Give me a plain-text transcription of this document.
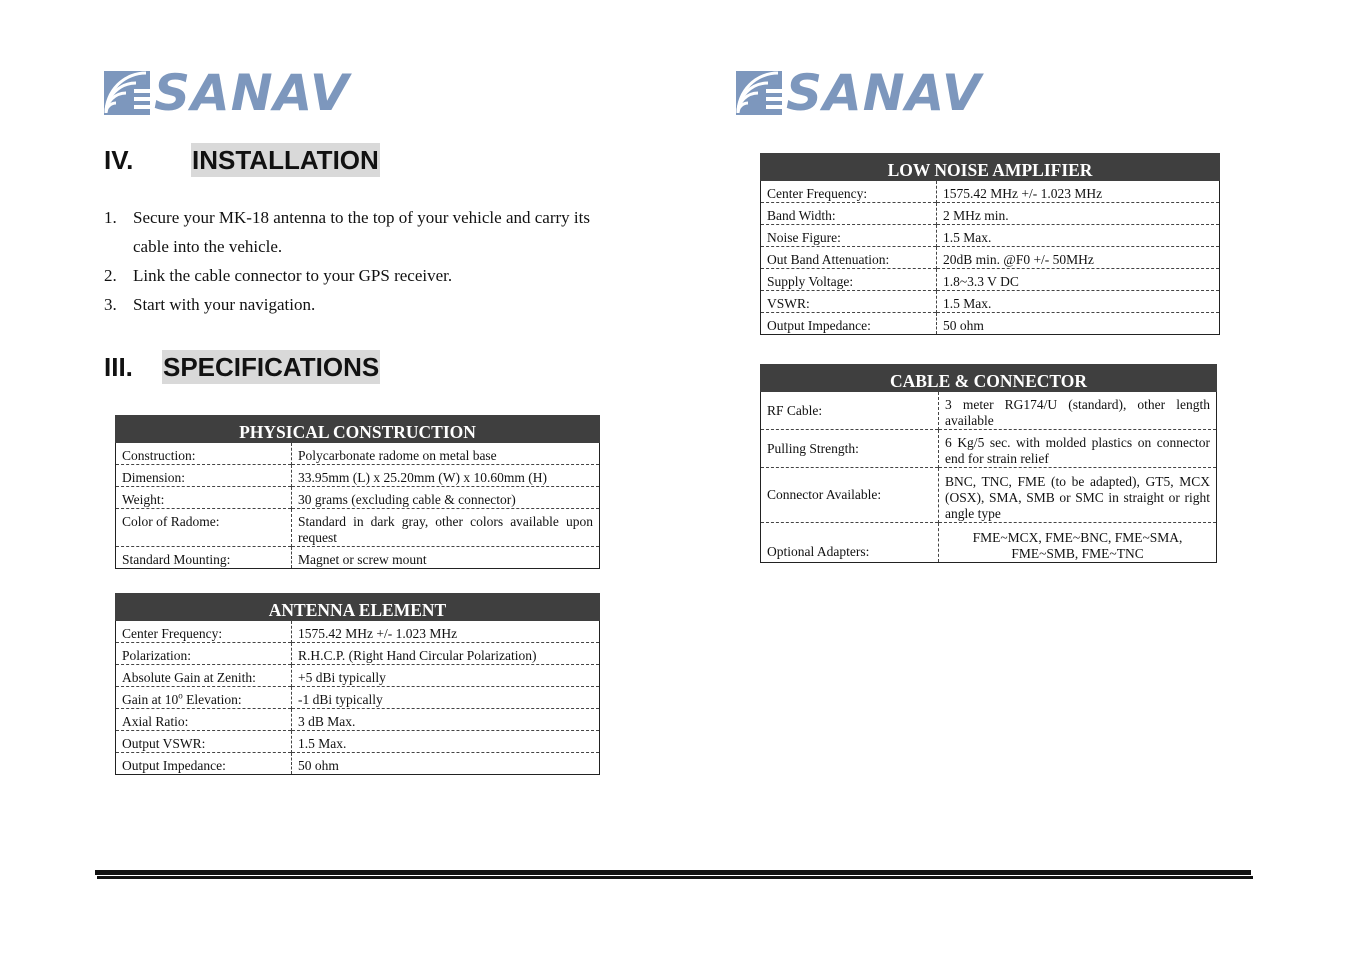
SANAV	SANAV
IV. INSTALLATION
1. Secure your MK-18 antenna to the top of your vehicle and carry its
cable into the vehicle.
2. Link the cable connector to your GPS receiver.
3. Start with your navigation.
III. SPECIFICATIONS
PHYSICAL CONSTRUCTION	
Construction:	Polycarbonate radome on metal base
Dimension:	33.95mm (L) x 25.20mm (W) x 10.60mm (H)
Weight:	30 grams (excluding cable & connector)
Color of Radome:	Standard in dark gray, other colors available upon request
Standard Mounting:	Magnet or screw mount
ANTENNA ELEMENT	
Center Frequency:	1575.42 MHz +/- 1.023 MHz
Polarization:	R.H.C.P. (Right Hand Circular Polarization)
Absolute Gain at Zenith:	+5 dBi typically
Gain at 10$^o$ Elevation:	-1 dBi typically
Axial Ratio:	3 dB Max.
Output VSWR:	1.5 Max.
Output Impedance:	50 ohm
LOW NOISE AMPLIFIER	
Center Frequency:	1575.42 MHz +/- 1.023 MHz
Band Width:	2 MHz min.
Noise Figure:	1.5 Max.
Out Band Attenuation:	20dB min. @F0 +/- 50MHz
Supply Voltage:	1.8~3.3 V DC
VSWR:	1.5 Max.
Output Impedance:	50 ohm
CABLE & CONNECTOR	
RF Cable:	3 meter RG174/U (standard), other length available
Pulling Strength:	6 Kg/5 sec. with molded plastics on connector end for strain relief
Connector Available:	BNC, TNC, FME (to be adapted), GT5, MCX (OSX), SMA, SMB or SMC in straight or right angle type
Optional Adapters:	FME~MCX, FME~BNC, FME~SMA,
FME~SMB, FME~TNC
